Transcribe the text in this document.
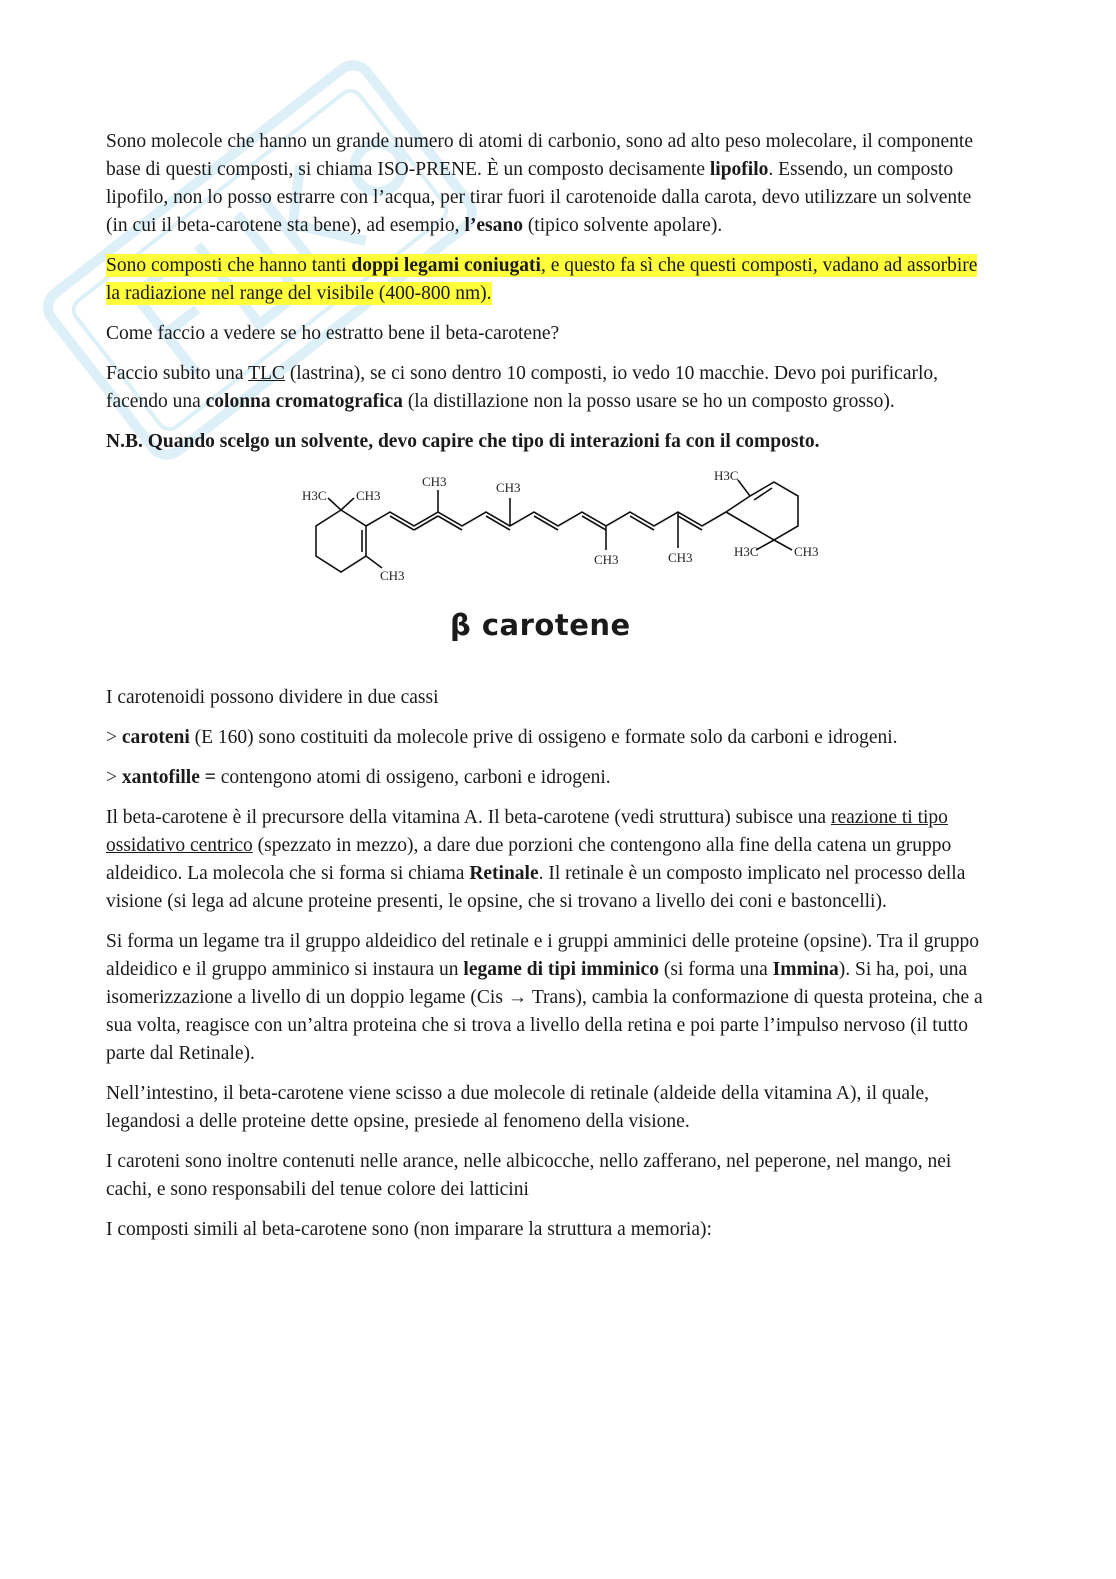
Sono molecole che hanno un grande numero di atomi di carbonio, sono ad alto peso molecolare, il componente base di questi composti, si chiama ISO-PRENE. È un composto decisamente lipofilo. Essendo, un composto lipofilo, non lo posso estrarre con l’acqua, per tirar fuori il carotenoide dalla carota, devo utilizzare un solvente (in cui il beta-carotene sta bene), ad esempio, l’esano (tipico solvente apolare).

Sono composti che hanno tanti doppi legami coniugati, e questo fa sì che questi composti, vadano ad assorbire la radiazione nel range del visibile (400-800 nm).

Come faccio a vedere se ho estratto bene il beta-carotene?

Faccio subito una TLC (lastrina), se ci sono dentro 10 composti, io vedo 10 macchie. Devo poi purificarlo, facendo una colonna cromatografica (la distillazione non la posso usare se ho un composto grosso).

N.B. Quando scelgo un solvente, devo capire che tipo di interazioni fa con il composto.

H3C CH3
CH3
CH3	CH3
CH3	CH3
H3C
H3C	CH3
β carotene

I carotenoidi possono dividere in due cassi

> caroteni (E 160) sono costituiti da molecole prive di ossigeno e formate solo da carboni e idrogeni.

> xantofille = contengono atomi di ossigeno, carboni e idrogeni.

Il beta-carotene è il precursore della vitamina A. Il beta-carotene (vedi struttura) subisce una reazione ti tipo ossidativo centrico (spezzato in mezzo), a dare due porzioni che contengono alla fine della catena un gruppo aldeidico. La molecola che si forma si chiama Retinale. Il retinale è un composto implicato nel processo della visione (si lega ad alcune proteine presenti, le opsine, che si trovano a livello dei coni e bastoncelli).

Si forma un legame tra il gruppo aldeidico del retinale e i gruppi amminici delle proteine (opsine). Tra il gruppo aldeidico e il gruppo amminico si instaura un legame di tipi imminico (si forma una Immina). Si ha, poi, una isomerizzazione a livello di un doppio legame (Cis → Trans), cambia la conformazione di questa proteina, che a sua volta, reagisce con un’altra proteina che si trova a livello della retina e poi parte l’impulso nervoso (il tutto parte dal Retinale).

Nell’intestino, il beta-carotene viene scisso a due molecole di retinale (aldeide della vitamina A), il quale, legandosi a delle proteine dette opsine, presiede al fenomeno della visione.

I caroteni sono inoltre contenuti nelle arance, nelle albicocche, nello zafferano, nel peperone, nel mango, nei cachi, e sono responsabili del tenue colore dei latticini

I composti simili al beta-carotene sono (non imparare la struttura a memoria):
